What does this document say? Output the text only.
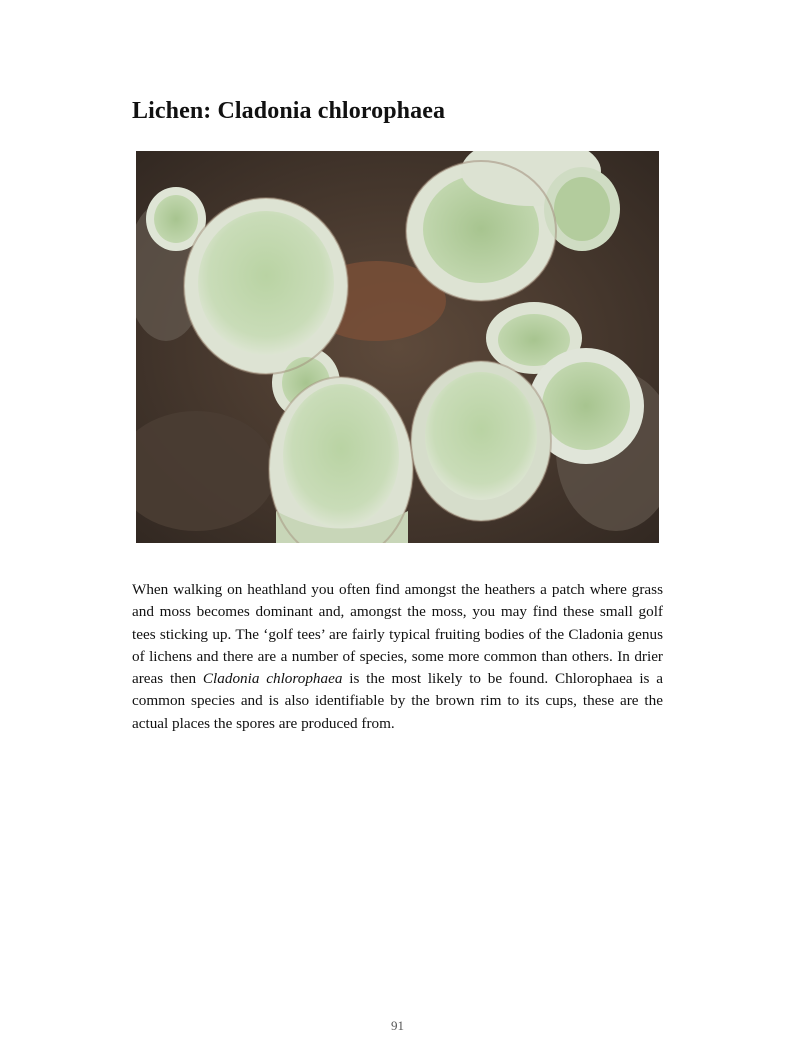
Lichen: Cladonia chlorophaea

When walking on heathland you often find amongst the heathers a patch where grass and moss becomes dominant and, amongst the moss, you may find these small golf tees sticking up. The ‘golf tees’ are fairly typical fruiting bodies of the Cladonia genus of lichens and there are a number of species, some more common than others. In drier areas then Cladonia chlorophaea is the most likely to be found. Chlorophaea is a common species and is also identifiable by the brown rim to its cups, these are the actual places the spores are produced from.

91
